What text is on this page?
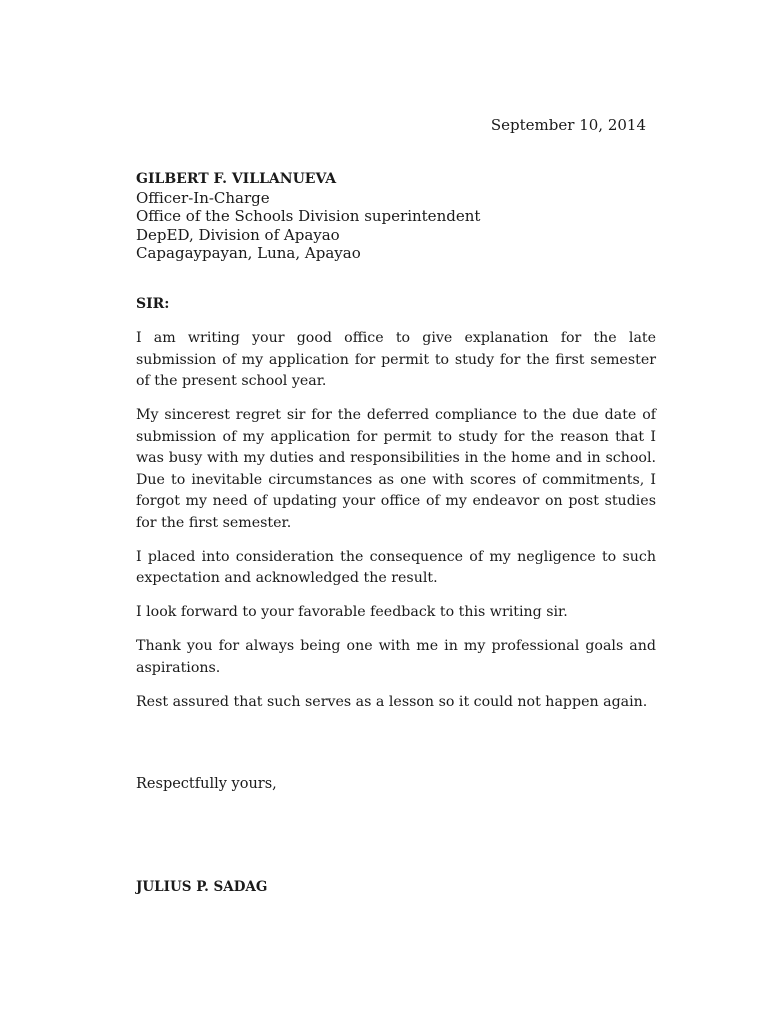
September 10, 2014
GILBERT F. VILLANUEVA
Officer-In-Charge
Office of the Schools Division superintendent
DepED, Division of Apayao
Capagaypayan, Luna, Apayao
SIR:

I am writing your good office to give explanation for the late submission of my application for permit to study for the first semester of the present school year.

My sincerest regret sir for the deferred compliance to the due date of submission of my application for permit to study for the reason that I was busy with my duties and responsibilities in the home and in school. Due to inevitable circumstances as one with scores of commitments, I forgot my need of updating your office of my endeavor on post studies for the first semester.

I placed into consideration the consequence of my negligence to such expectation and acknowledged the result.

I look forward to your favorable feedback to this writing sir.

Thank you for always being one with me in my professional goals and aspirations.

Rest assured that such serves as a lesson so it could not happen again.

Respectfully yours,
JULIUS P. SADAG
